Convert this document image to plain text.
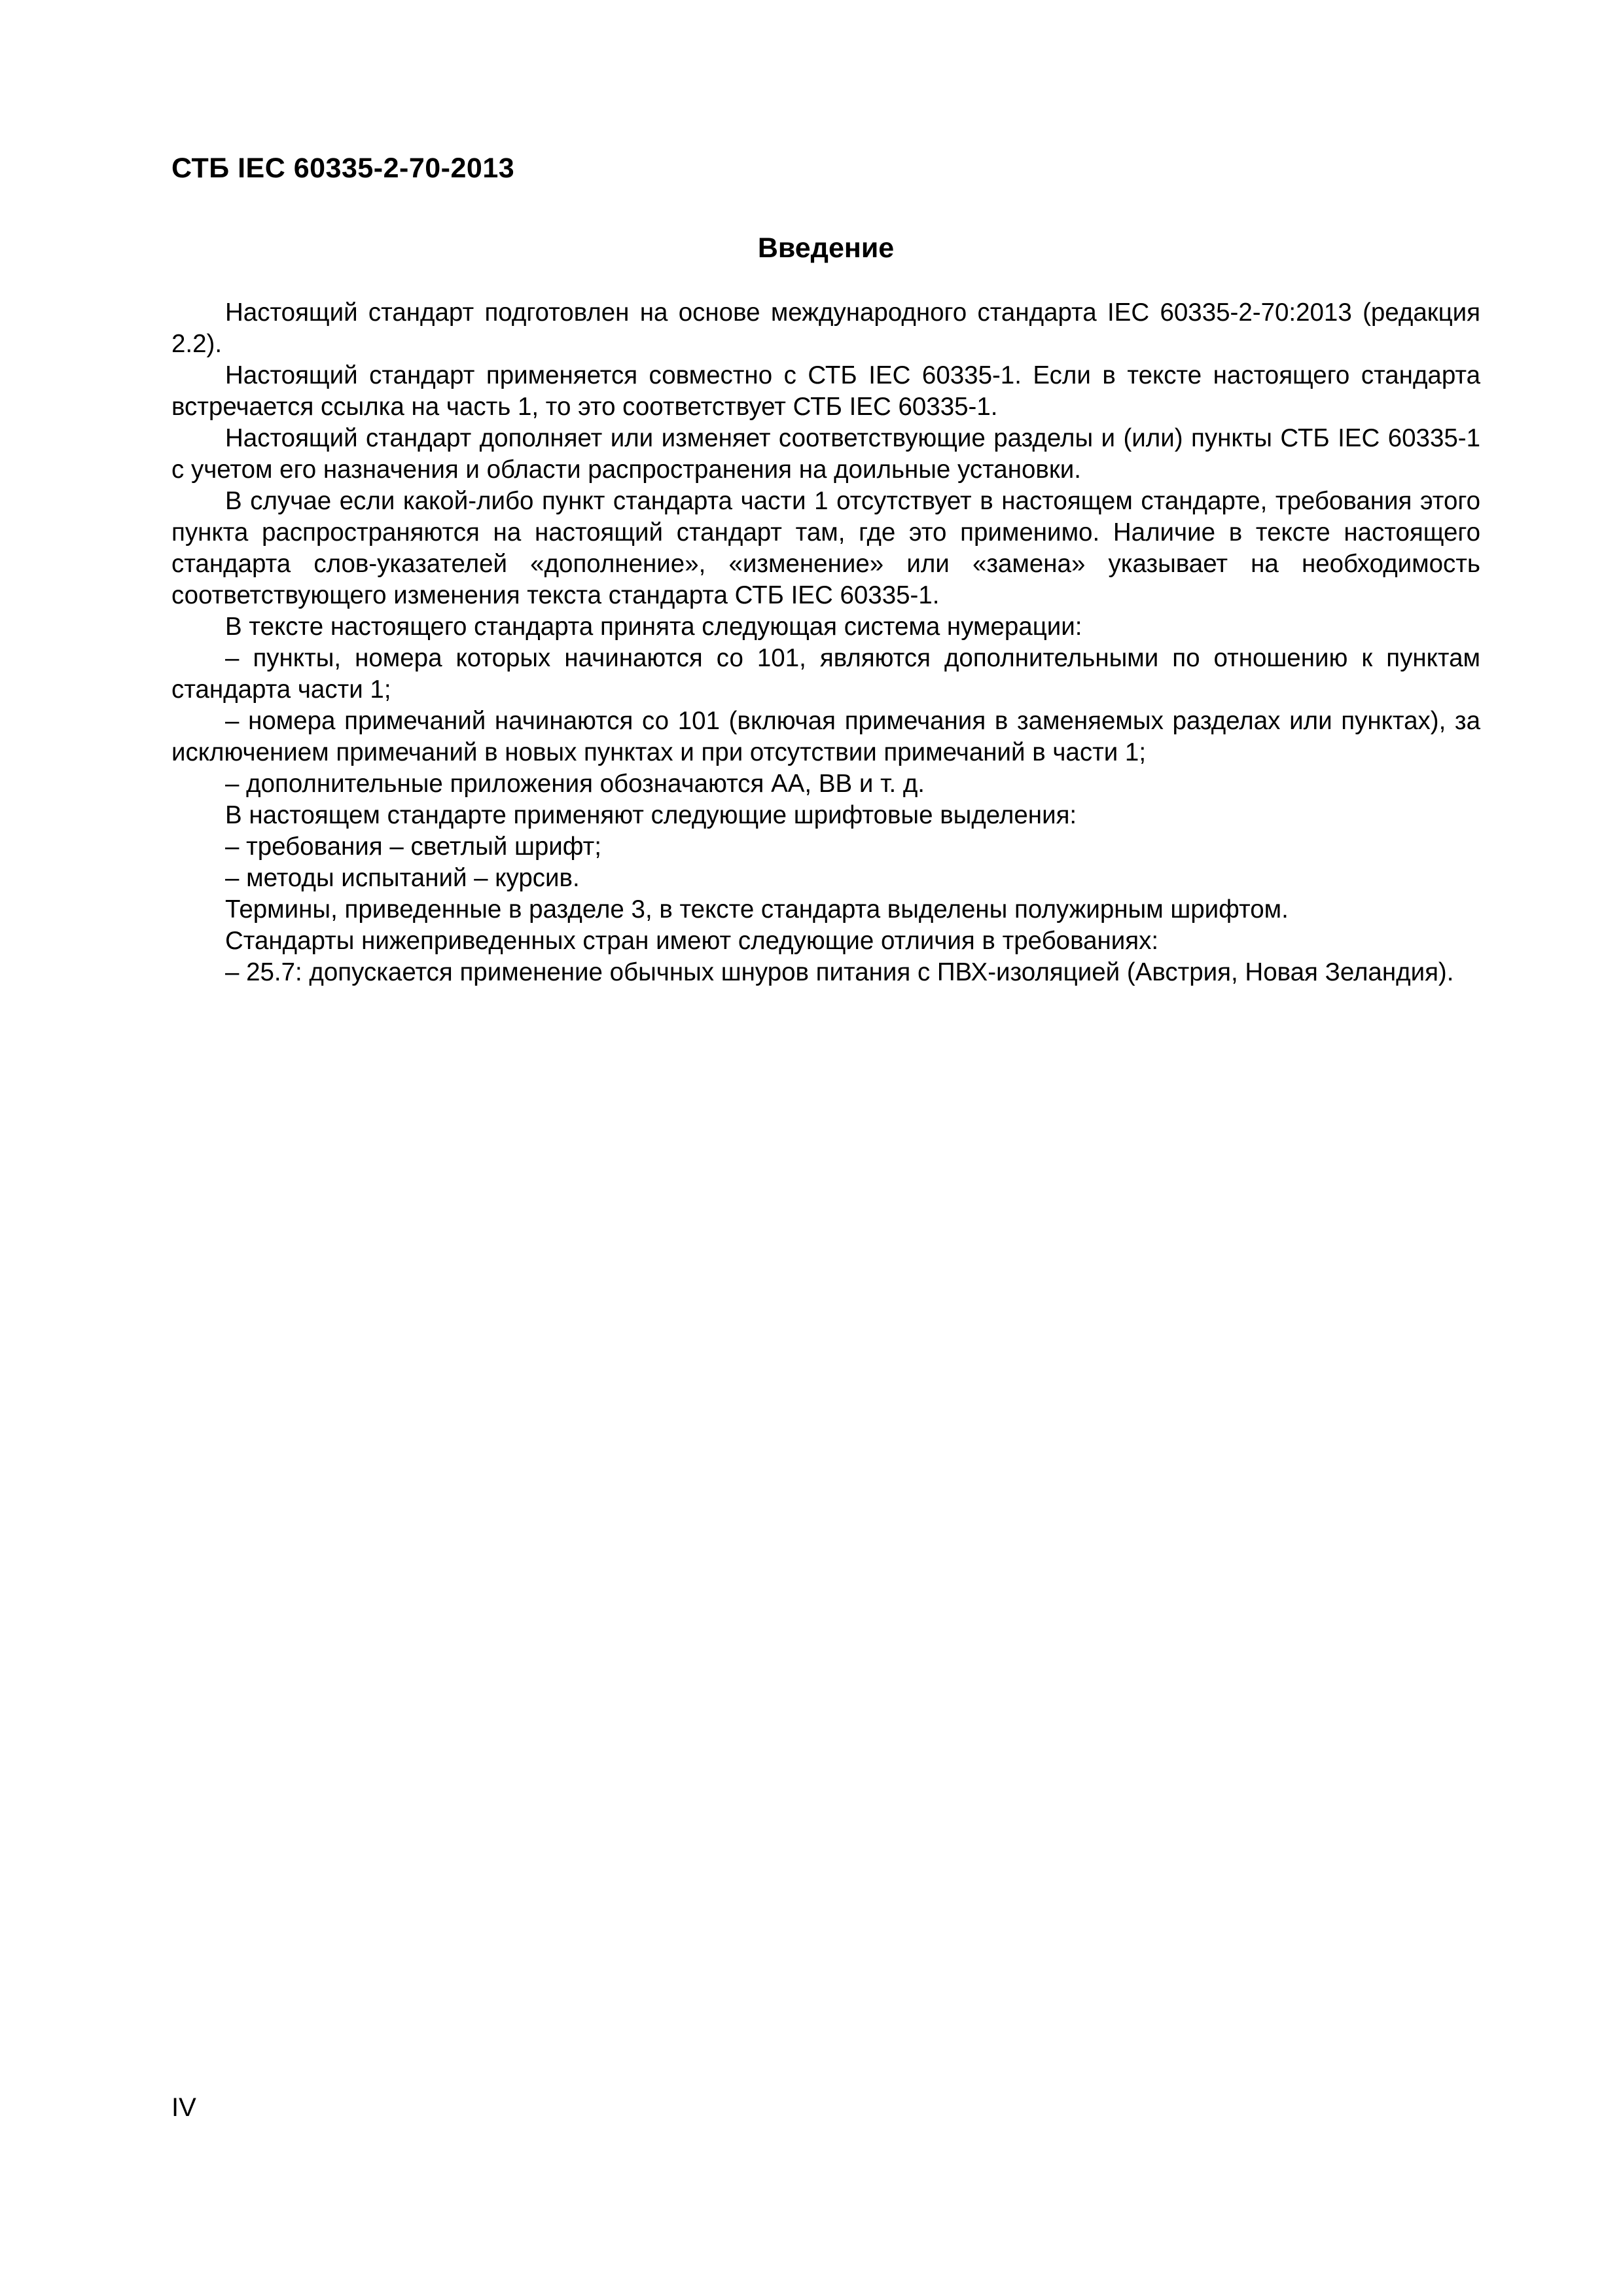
СТБ IEC 60335-2-70-2013
Введение

Настоящий стандарт подготовлен на основе международного стандарта IEC 60335-2-70:2013 (редакция 2.2).

Настоящий стандарт применяется совместно с СТБ IEC 60335-1. Если в тексте настоящего стандарта встречается ссылка на часть 1, то это соответствует СТБ IEC 60335-1.

Настоящий стандарт дополняет или изменяет соответствующие разделы и (или) пункты СТБ IEC 60335-1 с учетом его назначения и области распространения на доильные установки.

В случае если какой-либо пункт стандарта части 1 отсутствует в настоящем стандарте, требования этого пункта распространяются на настоящий стандарт там, где это применимо. Наличие в тексте настоящего стандарта слов-указателей «дополнение», «изменение» или «замена» указывает на необходимость соответствующего изменения текста стандарта СТБ IEC 60335-1.

В тексте настоящего стандарта принята следующая система нумерации:

– пункты, номера которых начинаются со 101, являются дополнительными по отношению к пунктам стандарта части 1;

– номера примечаний начинаются со 101 (включая примечания в заменяемых разделах или пунктах), за исключением примечаний в новых пунктах и при отсутствии примечаний в части 1;

– дополнительные приложения обозначаются AA, BB и т. д.

В настоящем стандарте применяют следующие шрифтовые выделения:

– требования – светлый шрифт;

– методы испытаний – курсив.

Термины, приведенные в разделе 3, в тексте стандарта выделены полужирным шрифтом.

Стандарты нижеприведенных стран имеют следующие отличия в требованиях:

– 25.7: допускается применение обычных шнуров питания с ПВХ-изоляцией (Австрия, Новая Зеландия).

IV
